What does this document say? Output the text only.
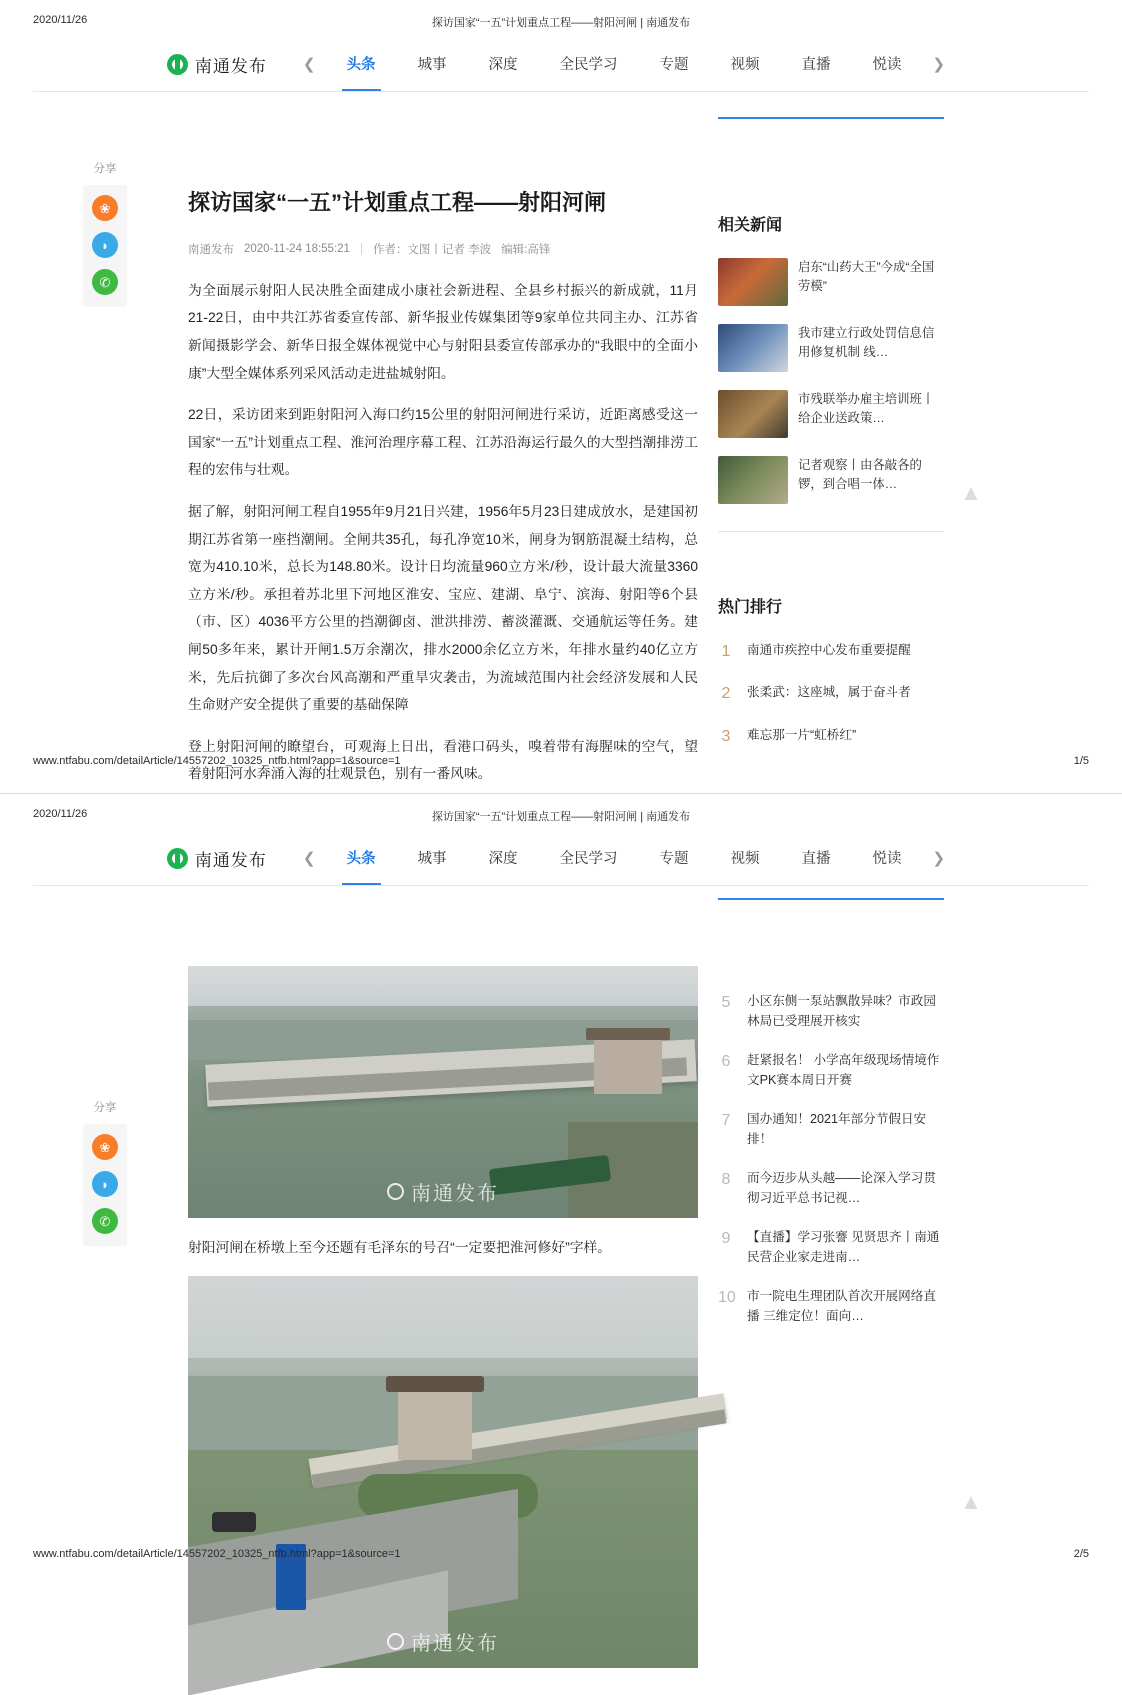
2020/11/26	探访国家“一五”计划重点工程——射阳河闸 | 南通发布
南通发布	❮	头条	城事	深度	全民学习	专题	视频	直播	悦读	❯
分享
❀
◗
✆
探访国家“一五”计划重点工程——射阳河闸
南通发布 2020-11-24 18:55:21 | 作者：文图丨记者 李波 编辑:高锋

为全面展示射阳人民决胜全面建成小康社会新进程、全县乡村振兴的新成就，11月21-22日，由中共江苏省委宣传部、新华报业传媒集团等9家单位共同主办、江苏省新闻摄影学会、新华日报全媒体视觉中心与射阳县委宣传部承办的“我眼中的全面小康”大型全媒体系列采风活动走进盐城射阳。

22日，采访团来到距射阳河入海口约15公里的射阳河闸进行采访，近距离感受这一国家“一五”计划重点工程、淮河治理序幕工程、江苏沿海运行最久的大型挡潮排涝工程的宏伟与壮观。

据了解，射阳河闸工程自1955年9月21日兴建，1956年5月23日建成放水，是建国初期江苏省第一座挡潮闸。全闸共35孔，每孔净宽10米，闸身为钢筋混凝土结构，总宽为410.10米，总长为148.80米。设计日均流量960立方米/秒，设计最大流量3360立方米/秒。承担着苏北里下河地区淮安、宝应、建湖、阜宁、滨海、射阳等6个县（市、区）4036平方公里的挡潮御卤、泄洪排涝、蓄淡灌溉、交通航运等任务。建闸50多年来，累计开闸1.5万余潮次，排水2000余亿立方米，年排水量约40亿立方米，先后抗御了多次台风高潮和严重旱灾袭击，为流域范围内社会经济发展和人民生命财产安全提供了重要的基础保障

登上射阳河闸的瞭望台，可观海上日出，看港口码头，嗅着带有海腥味的空气，望着射阳河水奔涌入海的壮观景色，别有一番风味。

相关新闻
启东“山药大王”今成“全国劳模”
我市建立行政处罚信息信用修复机制 线…
市残联举办雇主培训班丨给企业送政策…
记者观察丨由各敲各的锣，到合唱一体…
热门排行
1 南通市疾控中心发布重要提醒
2 张柔武：这座城，属于奋斗者
3 难忘那一片“虹桥红”
▲
www.ntfabu.com/detailArticle/14557202_10325_ntfb.html?app=1&source=1	1/5
2020/11/26	探访国家“一五”计划重点工程——射阳河闸 | 南通发布
南通发布	❮	头条	城事	深度	全民学习	专题	视频	直播	悦读	❯
分享
❀
◗
✆
南通发布
射阳河闸在桥墩上至今还题有毛泽东的号召“一定要把淮河修好”字样。
南通发布
5 小区东侧一泵站飘散异味？市政园林局已受理展开核实
6 赶紧报名！ 小学高年级现场情境作文PK赛本周日开赛
7 国办通知！2021年部分节假日安排！
8 而今迈步从头越——论深入学习贯彻习近平总书记视…
9 【直播】学习张謇 见贤思齐丨南通民营企业家走进南…
10 市一院电生理团队首次开展网络直播 三维定位！面向…
▲
www.ntfabu.com/detailArticle/14557202_10325_ntfb.html?app=1&source=1	2/5
